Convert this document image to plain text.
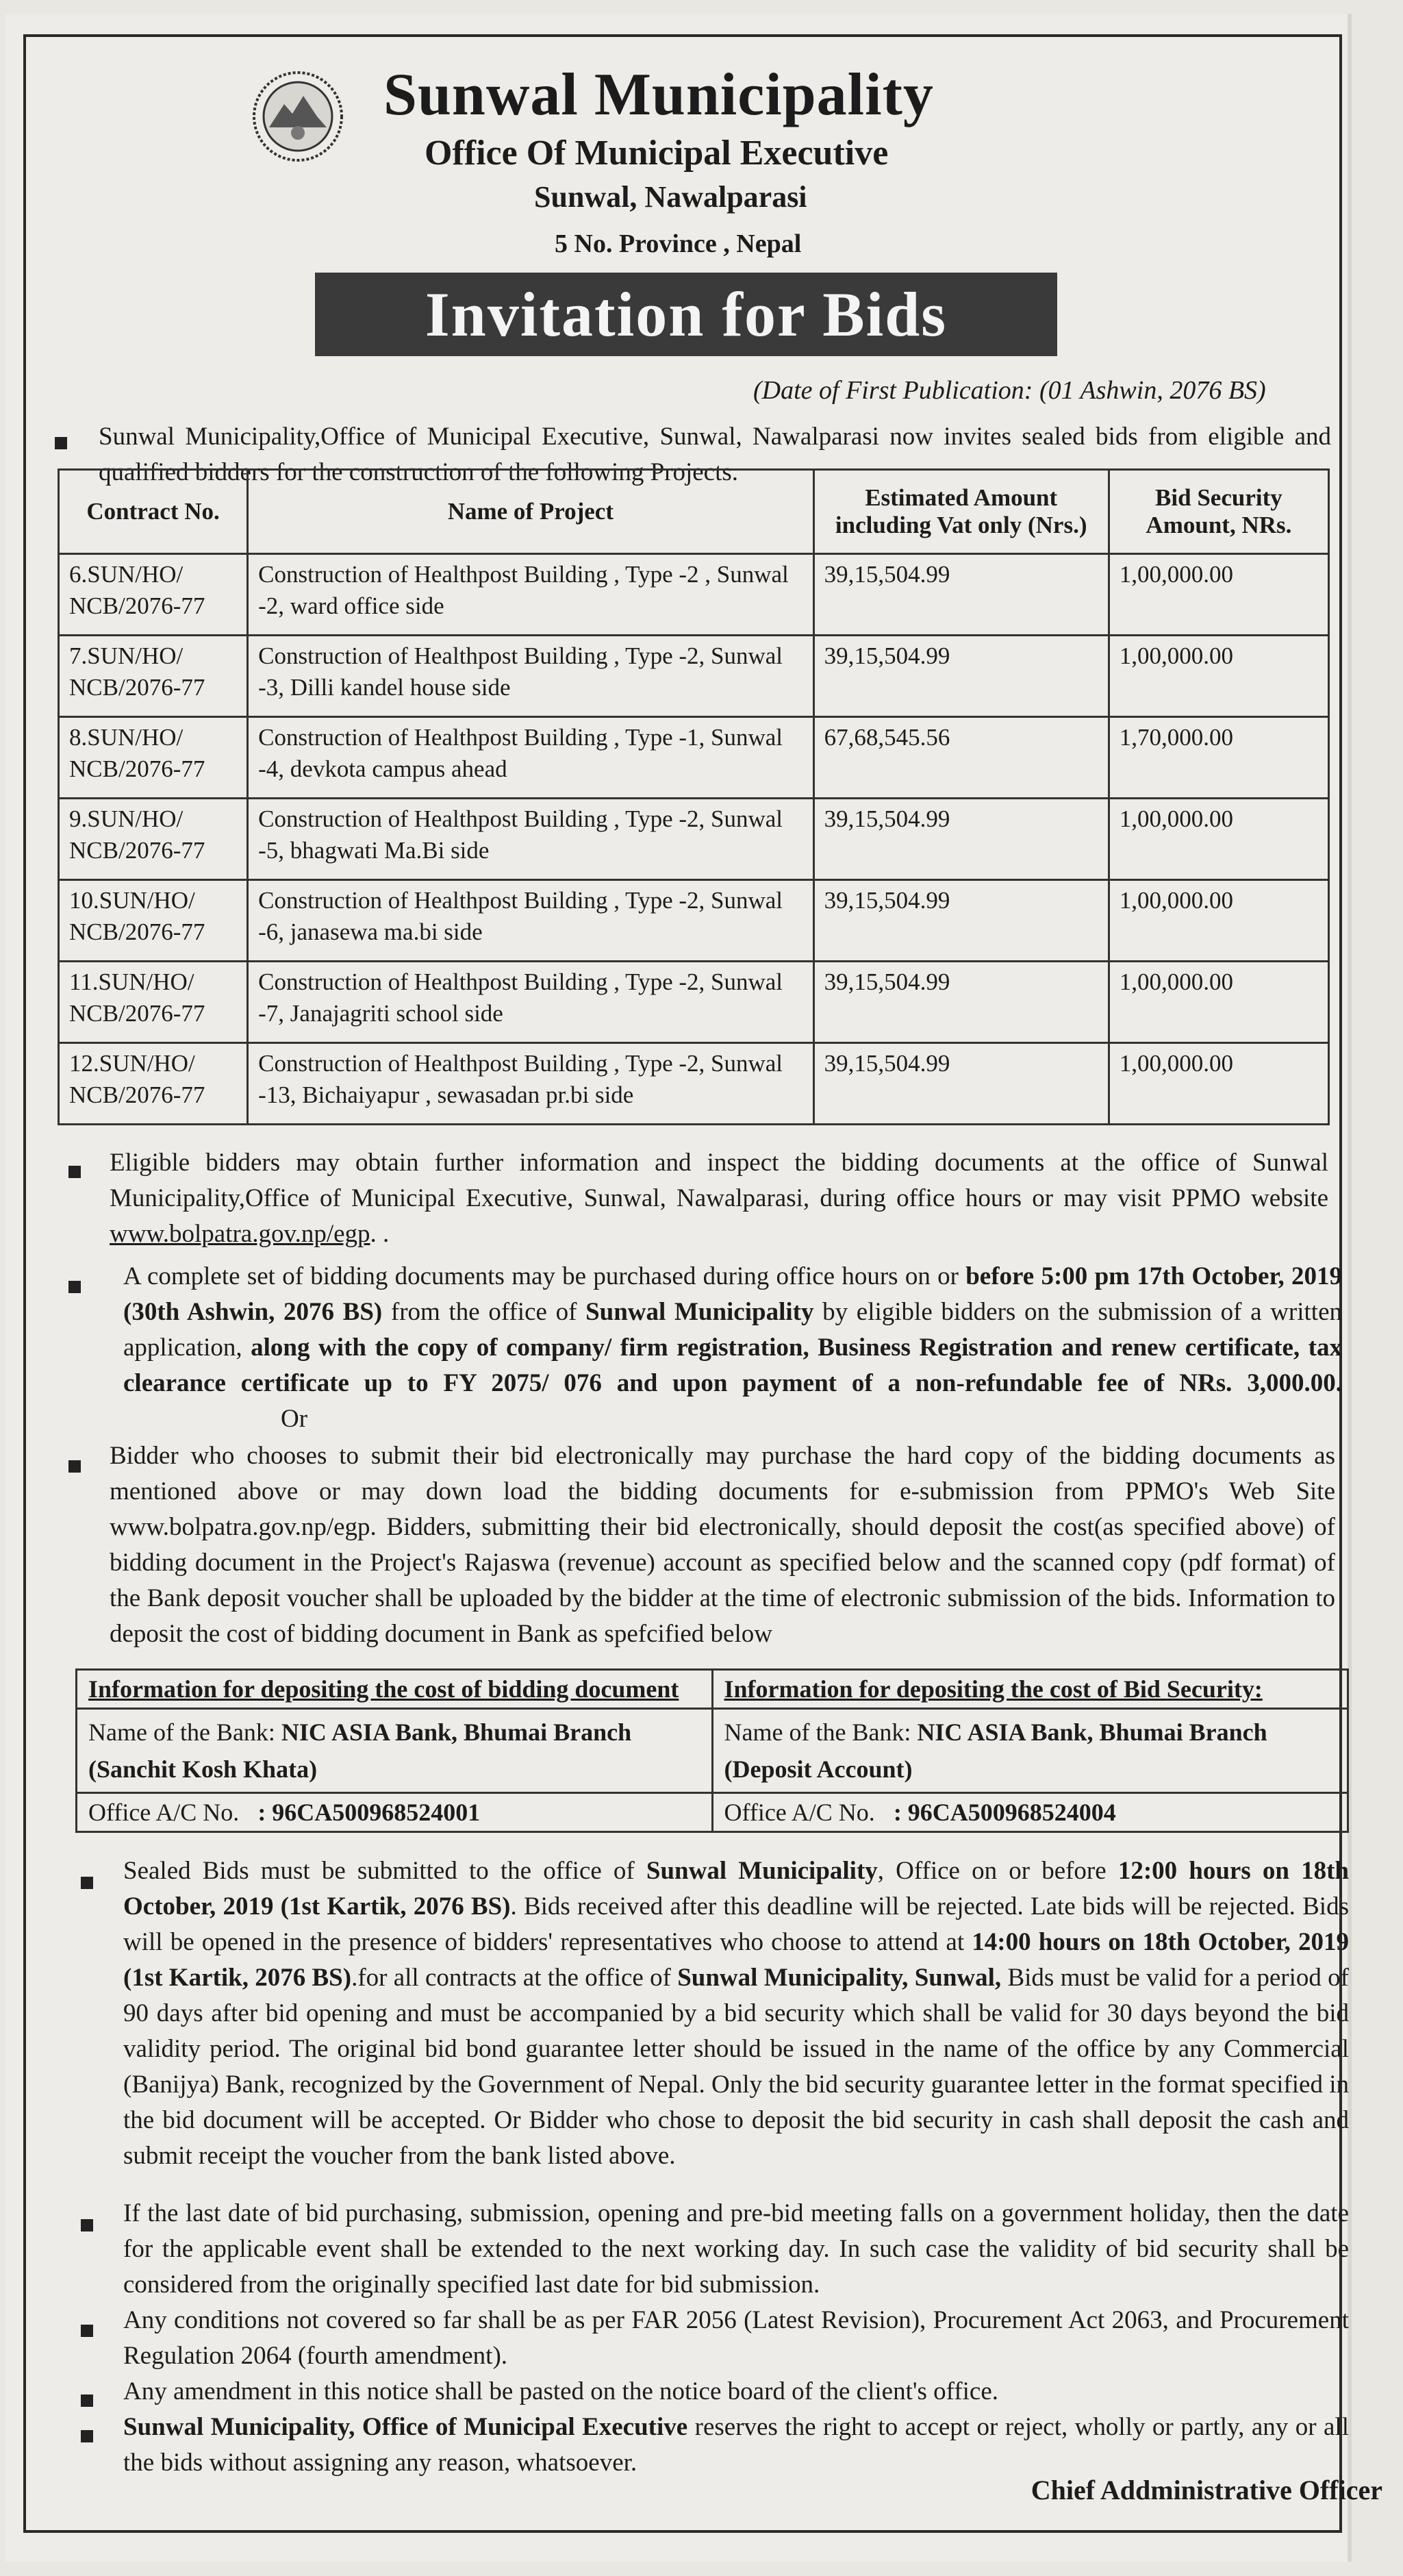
Sunwal Municipality
Office Of Municipal Executive
Sunwal, Nawalparasi
5 No. Province , Nepal
Invitation for Bids
(Date of First Publication: (01 Ashwin, 2076 BS)
Sunwal Municipality,Office of Municipal Executive, Sunwal, Nawalparasi now invites sealed bids from eligible and qualified bidders for the construction of the following Projects.
Contract No.	Name of Project	Estimated Amount including Vat only (Nrs.)	Bid Security Amount, NRs.
6.SUN/HO/ NCB/2076-77	Construction of Healthpost Building , Type -2 , Sunwal -2, ward office side	39,15,504.99	1,00,000.00
7.SUN/HO/ NCB/2076-77	Construction of Healthpost Building , Type -2, Sunwal -3, Dilli kandel house side	39,15,504.99	1,00,000.00
8.SUN/HO/ NCB/2076-77	Construction of Healthpost Building , Type -1, Sunwal -4, devkota campus ahead	67,68,545.56	1,70,000.00
9.SUN/HO/ NCB/2076-77	Construction of Healthpost Building , Type -2, Sunwal -5, bhagwati Ma.Bi side	39,15,504.99	1,00,000.00
10.SUN/HO/ NCB/2076-77	Construction of Healthpost Building , Type -2, Sunwal -6, janasewa ma.bi side	39,15,504.99	1,00,000.00
11.SUN/HO/ NCB/2076-77	Construction of Healthpost Building , Type -2, Sunwal -7, Janajagriti school side	39,15,504.99	1,00,000.00
12.SUN/HO/ NCB/2076-77	Construction of Healthpost Building , Type -2, Sunwal -13, Bichaiyapur , sewasadan pr.bi side	39,15,504.99	1,00,000.00
Eligible bidders may obtain further information and inspect the bidding documents at the office of Sunwal Municipality,Office of Municipal Executive, Sunwal, Nawalparasi, during office hours or may visit PPMO website www.bolpatra.gov.np/egp. .
A complete set of bidding documents may be purchased during office hours on or before 5:00 pm 17th October, 2019 (30th Ashwin, 2076 BS) from the office of Sunwal Municipality by eligible bidders on the submission of a written application, along with the copy of company/ firm registration, Business Registration and renew certificate, tax clearance certificate up to FY 2075/ 076 and upon payment of a non-refundable fee of NRs. 3,000.00. Or
Bidder who chooses to submit their bid electronically may purchase the hard copy of the bidding documents as mentioned above or may down load the bidding documents for e-submission from PPMO's Web Site www.bolpatra.gov.np/egp. Bidders, submitting their bid electronically, should deposit the cost(as specified above) of bidding document in the Project's Rajaswa (revenue) account as specified below and the scanned copy (pdf format) of the Bank deposit voucher shall be uploaded by the bidder at the time of electronic submission of the bids. Information to deposit the cost of bidding document in Bank as spefcified below
Information for depositing the cost of bidding document	Information for depositing the cost of Bid Security:

Name of the Bank: NIC ASIA Bank, Bhumai Branch (Sanchit Kosh Khata)	Name of the Bank: NIC ASIA Bank, Bhumai Branch (Deposit Account)
Office A/C No. : 96CA500968524001	Office A/C No. : 96CA500968524004
Sealed Bids must be submitted to the office of Sunwal Municipality, Office on or before 12:00 hours on 18th October, 2019 (1st Kartik, 2076 BS). Bids received after this deadline will be rejected. Late bids will be rejected. Bids will be opened in the presence of bidders' representatives who choose to attend at 14:00 hours on 18th October, 2019 (1st Kartik, 2076 BS).for all contracts at the office of Sunwal Municipality, Sunwal, Bids must be valid for a period of 90 days after bid opening and must be accompanied by a bid security which shall be valid for 30 days beyond the bid validity period. The original bid bond guarantee letter should be issued in the name of the office by any Commercial (Banijya) Bank, recognized by the Government of Nepal. Only the bid security guarantee letter in the format specified in the bid document will be accepted. Or Bidder who chose to deposit the bid security in cash shall deposit the cash and submit receipt the voucher from the bank listed above.
If the last date of bid purchasing, submission, opening and pre-bid meeting falls on a government holiday, then the date for the applicable event shall be extended to the next working day. In such case the validity of bid security shall be considered from the originally specified last date for bid submission.
Any conditions not covered so far shall be as per FAR 2056 (Latest Revision), Procurement Act 2063, and Procurement Regulation 2064 (fourth amendment).
Any amendment in this notice shall be pasted on the notice board of the client's office.
Sunwal Municipality, Office of Municipal Executive reserves the right to accept or reject, wholly or partly, any or all the bids without assigning any reason, whatsoever.
Chief Addministrative Officer
